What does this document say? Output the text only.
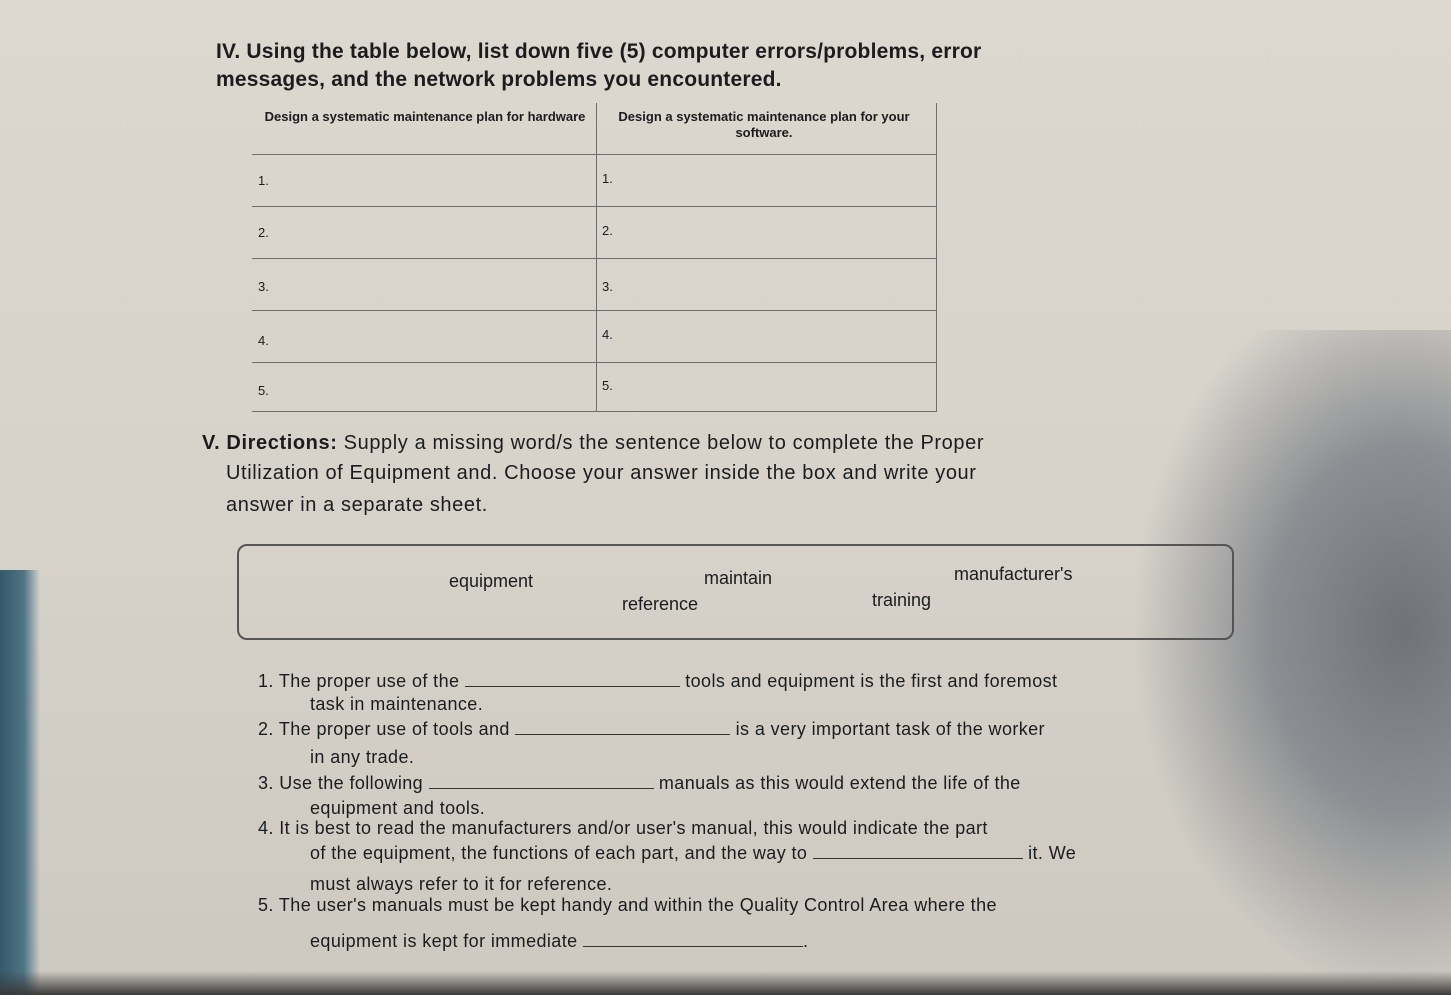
IV. Using the table below, list down five (5) computer errors/problems, error
messages, and the network problems you encountered.
Design a systematic maintenance plan for hardware	Design a systematic maintenance plan for your software.
1.	1.
2.	2.
3.	3.
4.	4.
5.	5.
V. Directions: Supply a missing word/s the sentence below to complete the Proper
Utilization of Equipment and. Choose your answer inside the box and write your
answer in a separate sheet.
equipment	maintain	manufacturer's
reference	training
1. The proper use of the	tools and equipment is the first and foremost
task in maintenance.
2. The proper use of tools and	is a very important task of the worker
in any trade.
3. Use the following	manuals as this would extend the life of the
equipment and tools.
4. It is best to read the manufacturers and/or user's manual, this would indicate the part
of the equipment, the functions of each part, and the way to	it. We
must always refer to it for reference.
5. The user's manuals must be kept handy and within the Quality Control Area where the
equipment is kept for immediate	.
